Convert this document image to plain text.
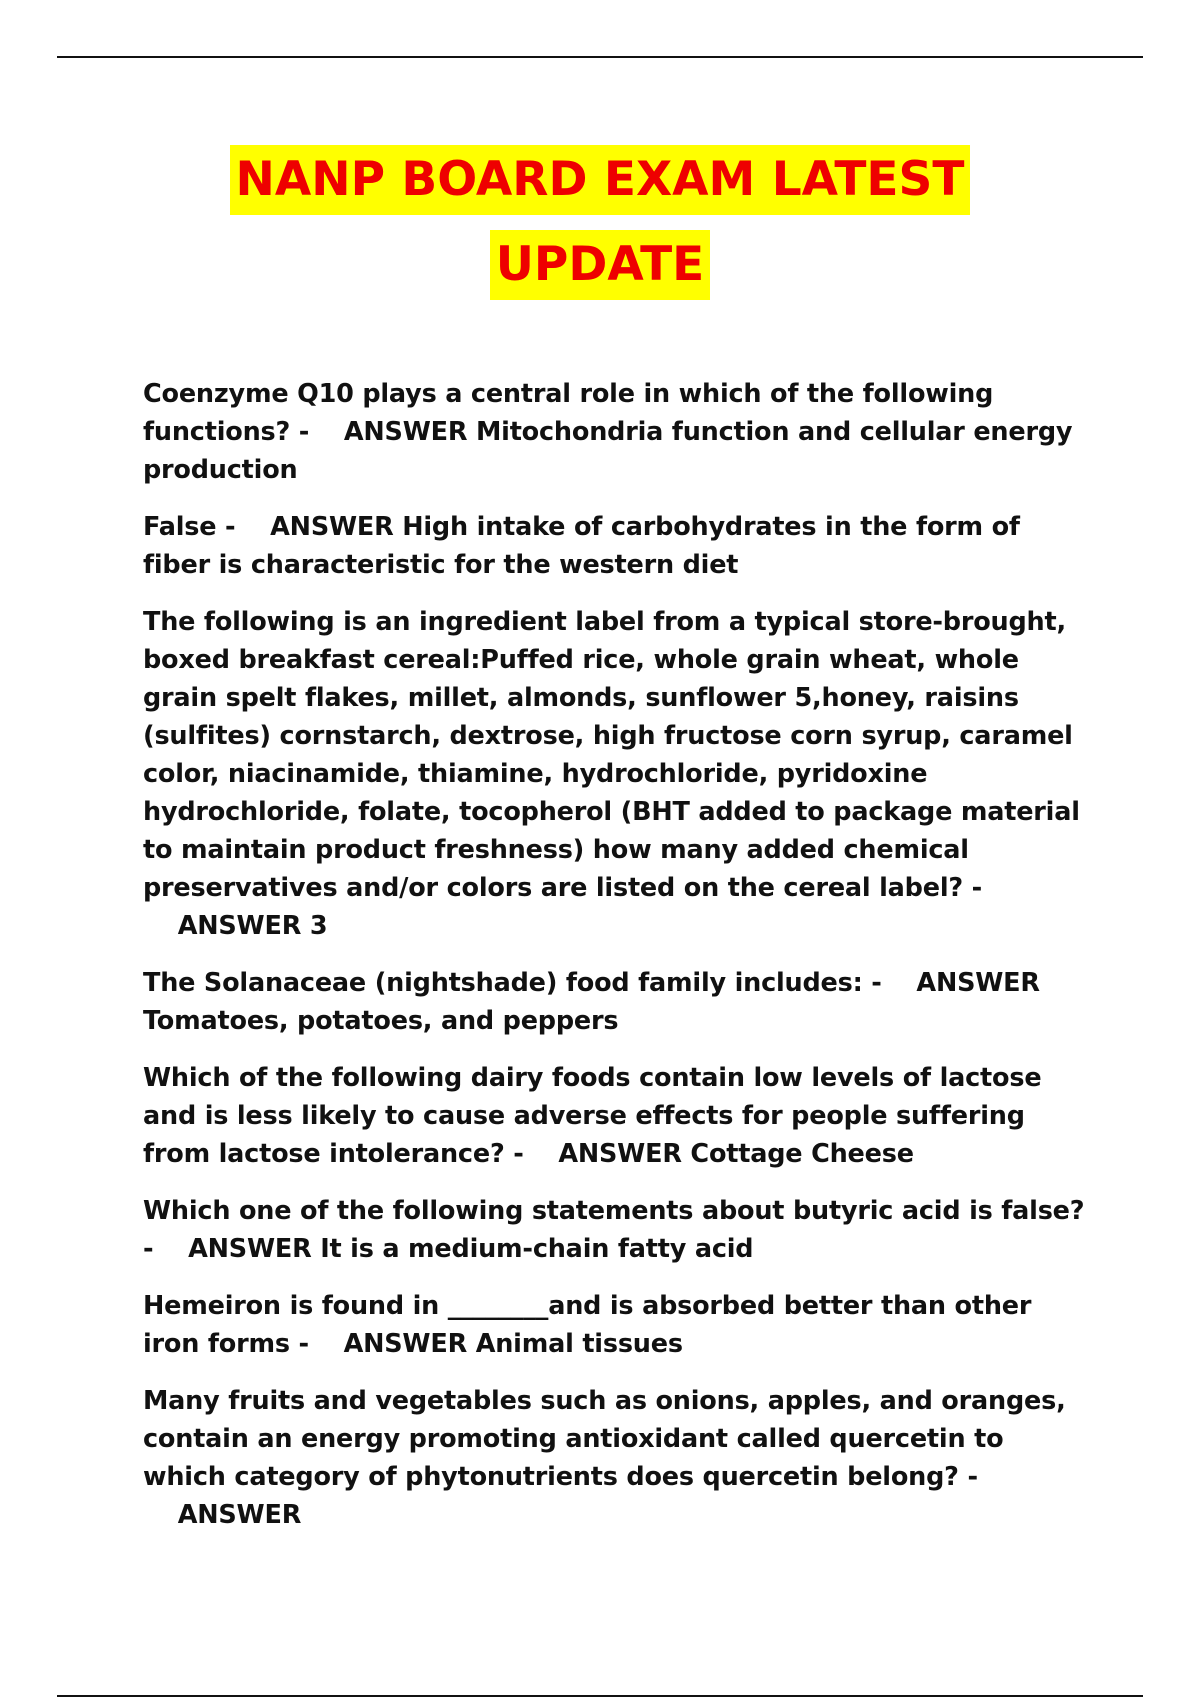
NANP BOARD EXAM LATEST
UPDATE

Coenzyme Q10 plays a central role in which of the following functions? - ANSWER Mitochondria function and cellular energy production

False - ANSWER High intake of carbohydrates in the form of fiber is characteristic for the western diet

The following is an ingredient label from a typical store-brought, boxed breakfast cereal:Puffed rice, whole grain wheat, whole grain spelt flakes, millet, almonds, sunflower 5,honey, raisins (sulfites) cornstarch, dextrose, high fructose corn syrup, caramel color, niacinamide, thiamine, hydrochloride, pyridoxine hydrochloride, folate, tocopherol (BHT added to package material to maintain product freshness) how many added chemical preservatives and/or colors are listed on the cereal label? -    ANSWER 3

The Solanaceae (nightshade) food family includes: - ANSWER Tomatoes, potatoes, and peppers

Which of the following dairy foods contain low levels of lactose and is less likely to cause adverse effects for people suffering from lactose intolerance? - ANSWER Cottage Cheese

Which one of the following statements about butyric acid is false? - ANSWER It is a medium-chain fatty acid

Hemeiron is found in ________and is absorbed better than other iron forms - ANSWER Animal tissues

Many fruits and vegetables such as onions, apples, and oranges, contain an energy promoting antioxidant called quercetin to which category of phytonutrients does quercetin belong? -    ANSWER
